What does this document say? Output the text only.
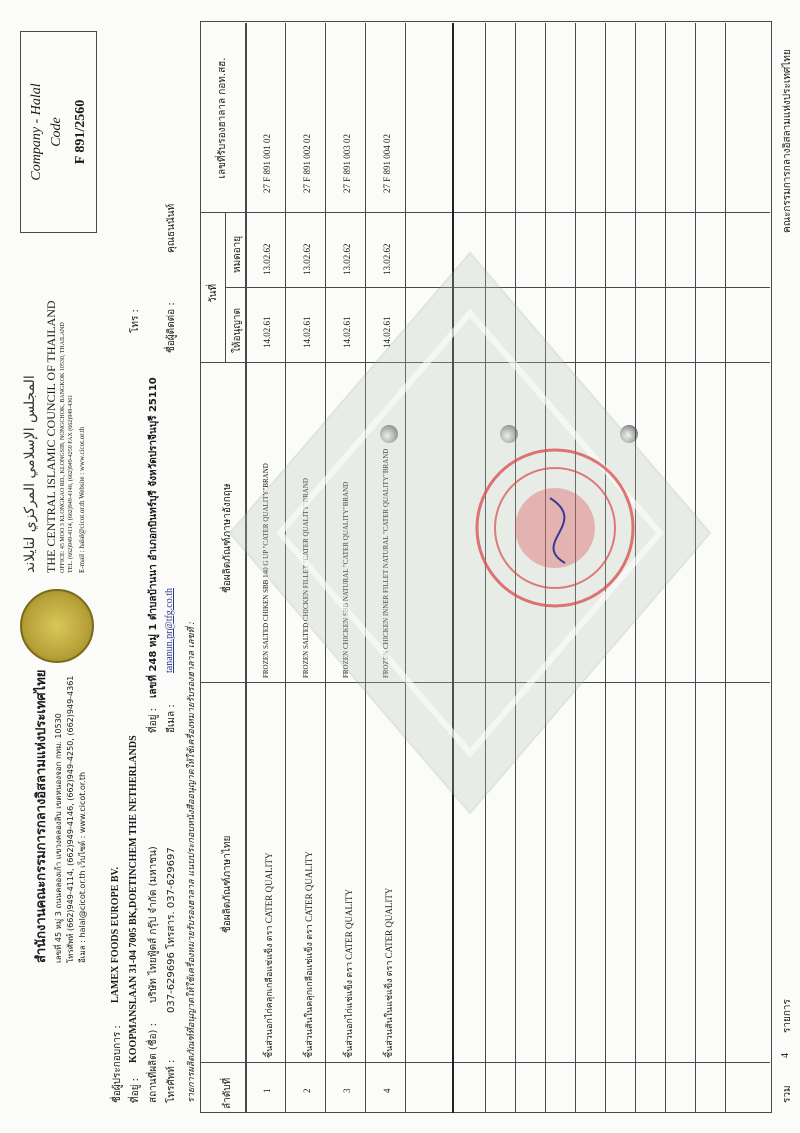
สำนักงานคณะกรรมการกลางอิสลามแห่งประเทศไทย เลขที่ 45 หมู่ 3 ถนนคลองเก้า แขวงคลองสิบ เขตหนองจอก กทม. 10530 โทรศัพท์ (662)949-4114, (662)949-4146, (662)949-4250, (662)949-4361 อีเมล : halal@cicot.or.th เว็บไซต์ : www.cicot.or.th
المجلس الإسلامي المركزي لتايلاند THE CENTRAL ISLAMIC COUNCIL OF THAILAND OFFICE: 45 MOO 3 KLONGKAO RD., KLONGSIB, NONGCHOK, BANGKOK 10530, THAILAND TEL. (662)949-4114, (662)949-4146, (662)949-4250 FAX (662)949-4361 E-mail : halal@cicot.or.th Website : www.cicot.or.th
Company - Halal Code F 891/2560
ชื่อผู้ประกอบการ :
LAMEX FOODS EUROPE BV.
ที่อยู่ :
KOOPMANSLAAN 31-04 7005 BK,DOETINCHEM THE NETHERLANDS
โทร :
สถานที่ผลิต (ชื่อ) :
บริษัท ไทยฟู้ดส์ กรุ๊ป จำกัด (มหาชน)
ที่อยู่ :
เลขที่ 248 หมู่ 1 ตำบลบ้านนา อำเภอกบินทร์บุรี จังหวัดปราจีนบุรี 25110
โทรศัพท์ :
037-629696 โทรสาร. 037-629697
อีเมล :
tananun.pr@tfg.co.th
ชื่อผู้ติดต่อ :
คุณธนนันท์
รายการผลิตภัณฑ์ที่อนุญาตให้ใช้เครื่องหมายรับรองฮาลาล แนบประกอบหนังสืออนุญาตให้ใช้เครื่องหมายรับรองฮาลาล เลขที่ :	ลำดับที่
ชื่อผลิตภัณฑ์ภาษาไทย
ชื่อผลิตภัณฑ์ภาษาอังกฤษ
วันที่
ให้อนุญาต
หมดอายุ
เลขที่รับรองฮาลาล กอท.สฮ.
1
ชิ้นส่วนอกไก่คลุกเกลือแช่แข็ง ตรา CATER QUALITY
FROZEN SALTED CHIKEN SBB 140 G UP "CATER QUALITY"BRAND
14.02.61
13.02.62
27 F 891 001 02
2
ชิ้นส่วนสันในคลุกเกลือแช่แข็ง ตรา CATER QUALITY
FROZEN SALTED CHICKEN FILLET "CATER QUALITY"BRAND
14.02.61
13.02.62
27 F 891 002 02
3
ชิ้นส่วนอกไก่แช่แข็ง ตรา CATER QUALITY
FROZEN CHICKEN SBB NATURAL "CATER QUALITY"BRAND
14.02.61
13.02.62
27 F 891 003 02
4
ชิ้นส่วนสันในแช่แข็ง ตรา CATER QUALITY
FROZEN CHICKEN INNER FILLET NATURAL "CATER QUALITY"BRAND
14.02.61
13.02.62
27 F 891 004 02
รวม
4
รายการ
คณะกรรมการกลางอิสลามแห่งประเทศไทย
